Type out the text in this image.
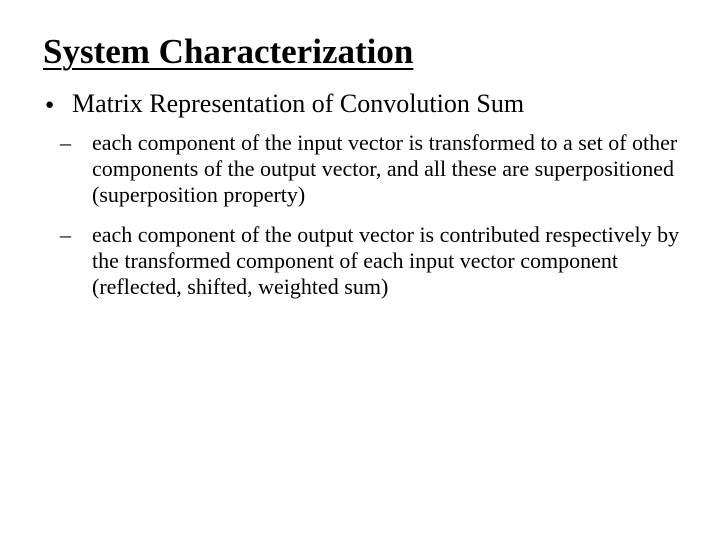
System Characterization
● Matrix Representation of Convolution Sum
– each component of the input vector is transformed to a set of other components of the output vector, and all these are superpositioned (superposition property)
– each component of the output vector is contributed respectively by the transformed component of each input vector component (reflected, shifted, weighted sum)
